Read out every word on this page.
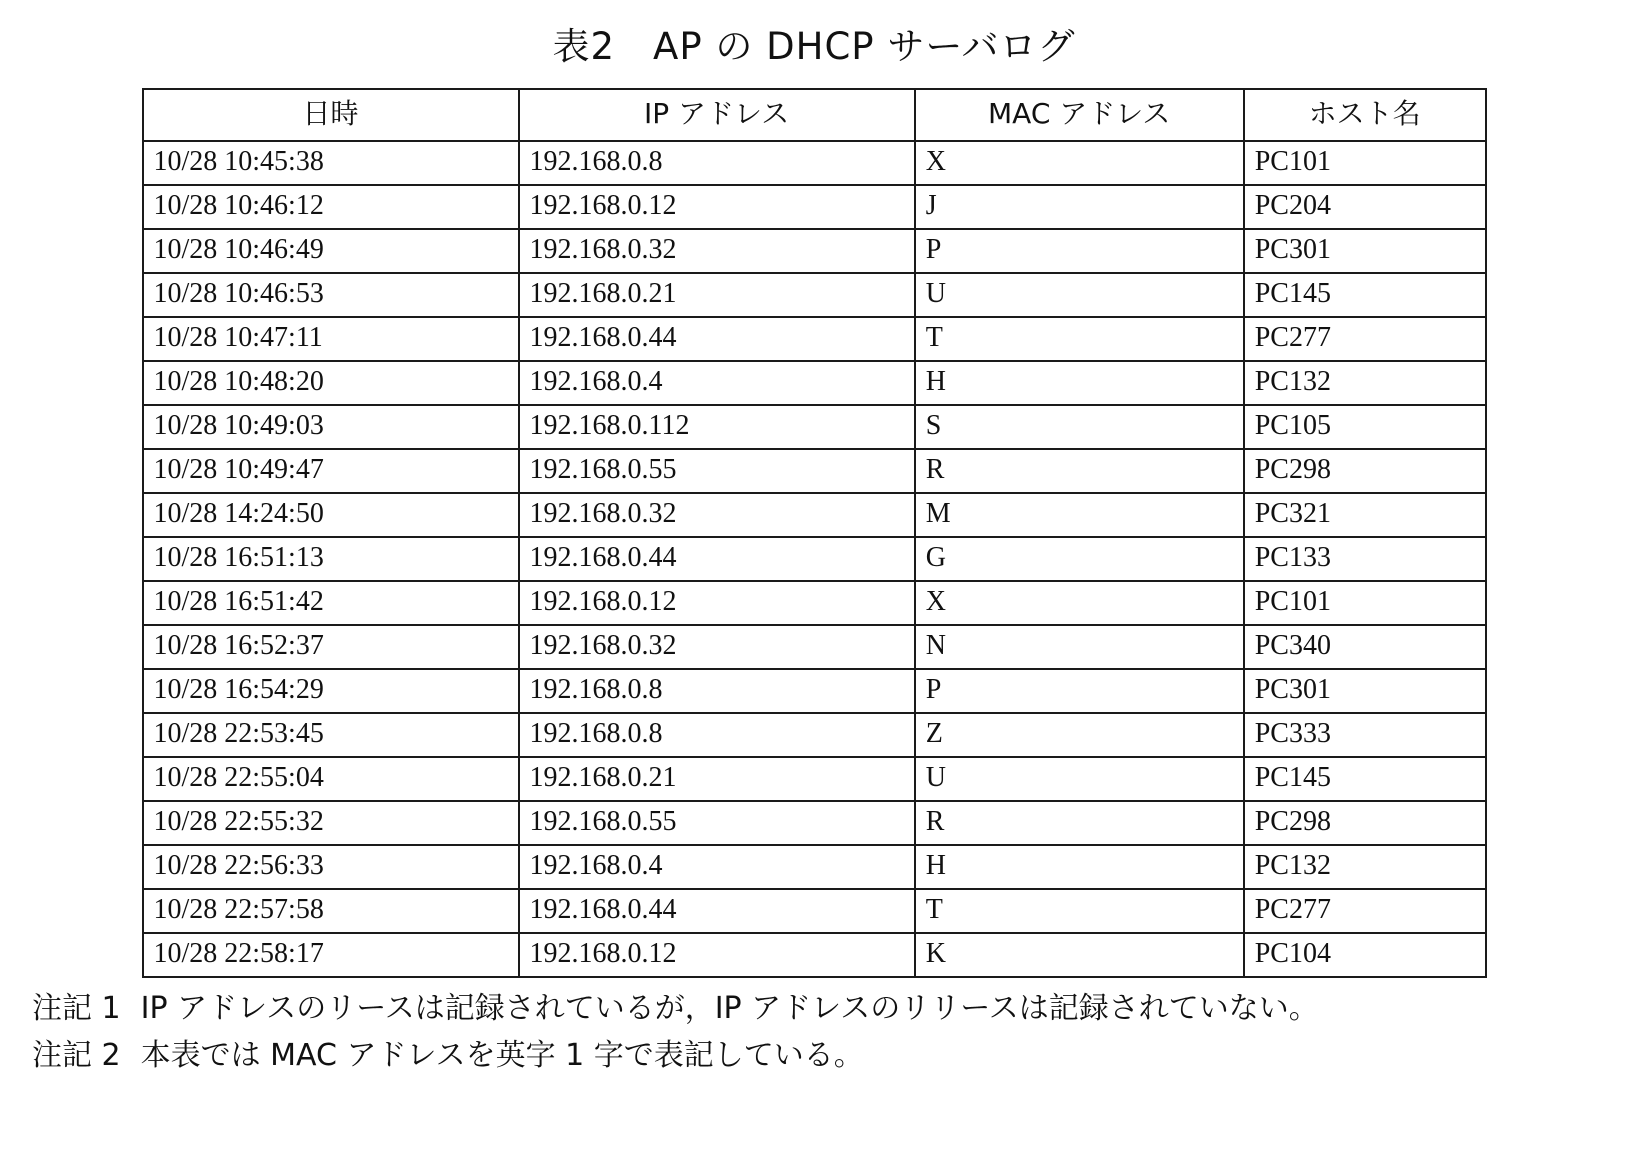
表2　AP の DHCP サーバログ
日時	IP アドレス	MAC アドレス	ホスト名
10/28 10:45:38	192.168.0.8	X	PC101
10/28 10:46:12	192.168.0.12	J	PC204
10/28 10:46:49	192.168.0.32	P	PC301
10/28 10:46:53	192.168.0.21	U	PC145
10/28 10:47:11	192.168.0.44	T	PC277
10/28 10:48:20	192.168.0.4	H	PC132
10/28 10:49:03	192.168.0.112	S	PC105
10/28 10:49:47	192.168.0.55	R	PC298
10/28 14:24:50	192.168.0.32	M	PC321
10/28 16:51:13	192.168.0.44	G	PC133
10/28 16:51:42	192.168.0.12	X	PC101
10/28 16:52:37	192.168.0.32	N	PC340
10/28 16:54:29	192.168.0.8	P	PC301
10/28 22:53:45	192.168.0.8	Z	PC333
10/28 22:55:04	192.168.0.21	U	PC145
10/28 22:55:32	192.168.0.55	R	PC298
10/28 22:56:33	192.168.0.4	H	PC132
10/28 22:57:58	192.168.0.44	T	PC277
10/28 22:58:17	192.168.0.12	K	PC104
注記 1 IP アドレスのリースは記録されているが，IP アドレスのリリースは記録されていない。
注記 2 本表では MAC アドレスを英字 1 字で表記している。
